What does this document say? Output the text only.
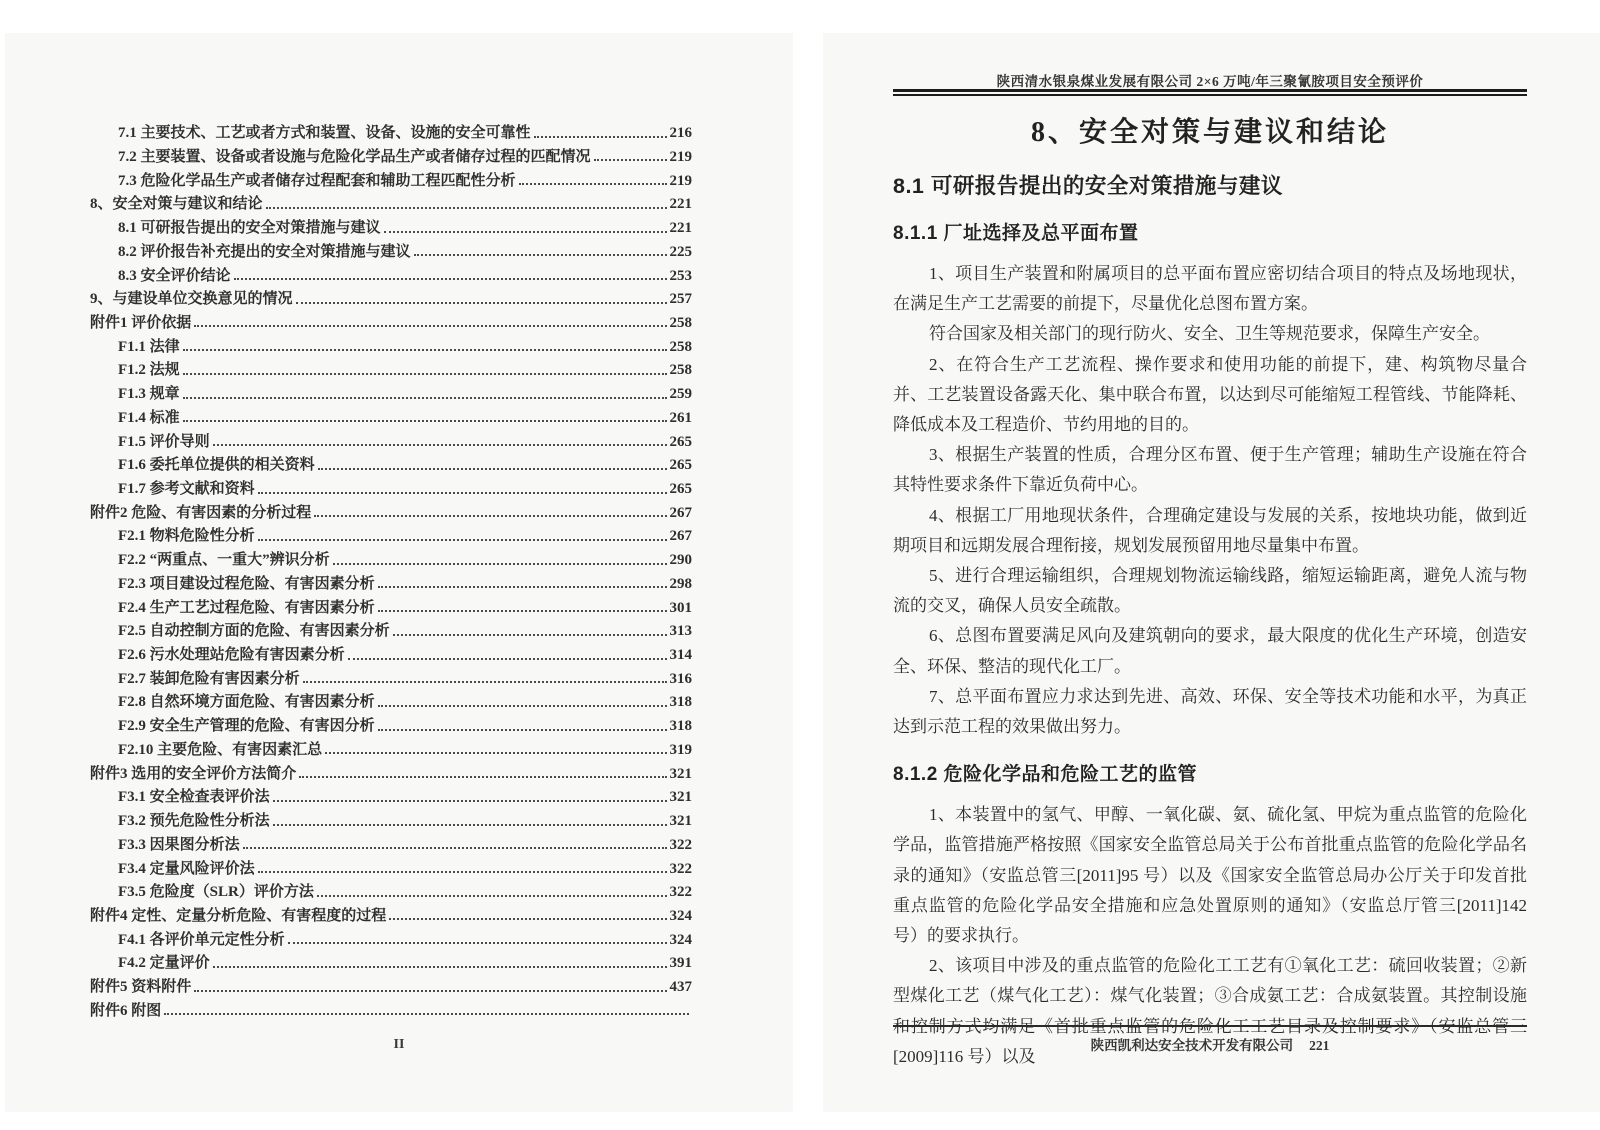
7.1 主要技术、工艺或者方式和装置、设备、设施的安全可靠性	216
7.2 主要装置、设备或者设施与危险化学品生产或者储存过程的匹配情况	219
7.3 危险化学品生产或者储存过程配套和辅助工程匹配性分析	219
8、安全对策与建议和结论	221
8.1 可研报告提出的安全对策措施与建议	221
8.2 评价报告补充提出的安全对策措施与建议	225
8.3 安全评价结论	253
9、与建设单位交换意见的情况	257
附件1 评价依据	258
F1.1 法律	258
F1.2 法规	258
F1.3 规章	259
F1.4 标准	261
F1.5 评价导则	265
F1.6 委托单位提供的相关资料	265
F1.7 参考文献和资料	265
附件2 危险、有害因素的分析过程	267
F2.1 物料危险性分析	267
F2.2 “两重点、一重大”辨识分析	290
F2.3 项目建设过程危险、有害因素分析	298
F2.4 生产工艺过程危险、有害因素分析	301
F2.5 自动控制方面的危险、有害因素分析	313
F2.6 污水处理站危险有害因素分析	314
F2.7 装卸危险有害因素分析	316
F2.8 自然环境方面危险、有害因素分析	318
F2.9 安全生产管理的危险、有害因分析	318
F2.10 主要危险、有害因素汇总	319
附件3 选用的安全评价方法简介	321
F3.1 安全检查表评价法	321
F3.2 预先危险性分析法	321
F3.3 因果图分析法	322
F3.4 定量风险评价法	322
F3.5 危险度（SLR）评价方法	322
附件4 定性、定量分析危险、有害程度的过程	324
F4.1 各评价单元定性分析	324
F4.2 定量评价	391
附件5 资料附件	437
附件6 附图
II
陕西清水银泉煤业发展有限公司 2×6 万吨/年三聚氰胺项目安全预评价
8、安全对策与建议和结论
8.1 可研报告提出的安全对策措施与建议
8.1.1 厂址选择及总平面布置

1、项目生产装置和附属项目的总平面布置应密切结合项目的特点及场地现状，在满足生产工艺需要的前提下，尽量优化总图布置方案。

符合国家及相关部门的现行防火、安全、卫生等规范要求，保障生产安全。

2、在符合生产工艺流程、操作要求和使用功能的前提下，建、构筑物尽量合并、工艺装置设备露天化、集中联合布置，以达到尽可能缩短工程管线、节能降耗、降低成本及工程造价、节约用地的目的。

3、根据生产装置的性质，合理分区布置、便于生产管理；辅助生产设施在符合其特性要求条件下靠近负荷中心。

4、根据工厂用地现状条件，合理确定建设与发展的关系，按地块功能，做到近期项目和远期发展合理衔接，规划发展预留用地尽量集中布置。

5、进行合理运输组织，合理规划物流运输线路，缩短运输距离，避免人流与物流的交叉，确保人员安全疏散。

6、总图布置要满足风向及建筑朝向的要求，最大限度的优化生产环境，创造安全、环保、整洁的现代化工厂。

7、总平面布置应力求达到先进、高效、环保、安全等技术功能和水平，为真正达到示范工程的效果做出努力。

8.1.2 危险化学品和危险工艺的监管

1、本装置中的氢气、甲醇、一氧化碳、氨、硫化氢、甲烷为重点监管的危险化学品，监管措施严格按照《国家安全监管总局关于公布首批重点监管的危险化学品名录的通知》（安监总管三[2011]95 号）以及《国家安全监管总局办公厅关于印发首批重点监管的危险化学品安全措施和应急处置原则的通知》（安监总厅管三[2011]142 号）的要求执行。

2、该项目中涉及的重点监管的危险化工工艺有①氧化工艺：硫回收装置；②新型煤化工艺（煤气化工艺）：煤气化装置；③合成氨工艺：合成氨装置。其控制设施和控制方式均满足《首批重点监管的危险化工工艺目录及控制要求》（安监总管三[2009]116 号）以及

陕西凯利达安全技术开发有限公司 221
